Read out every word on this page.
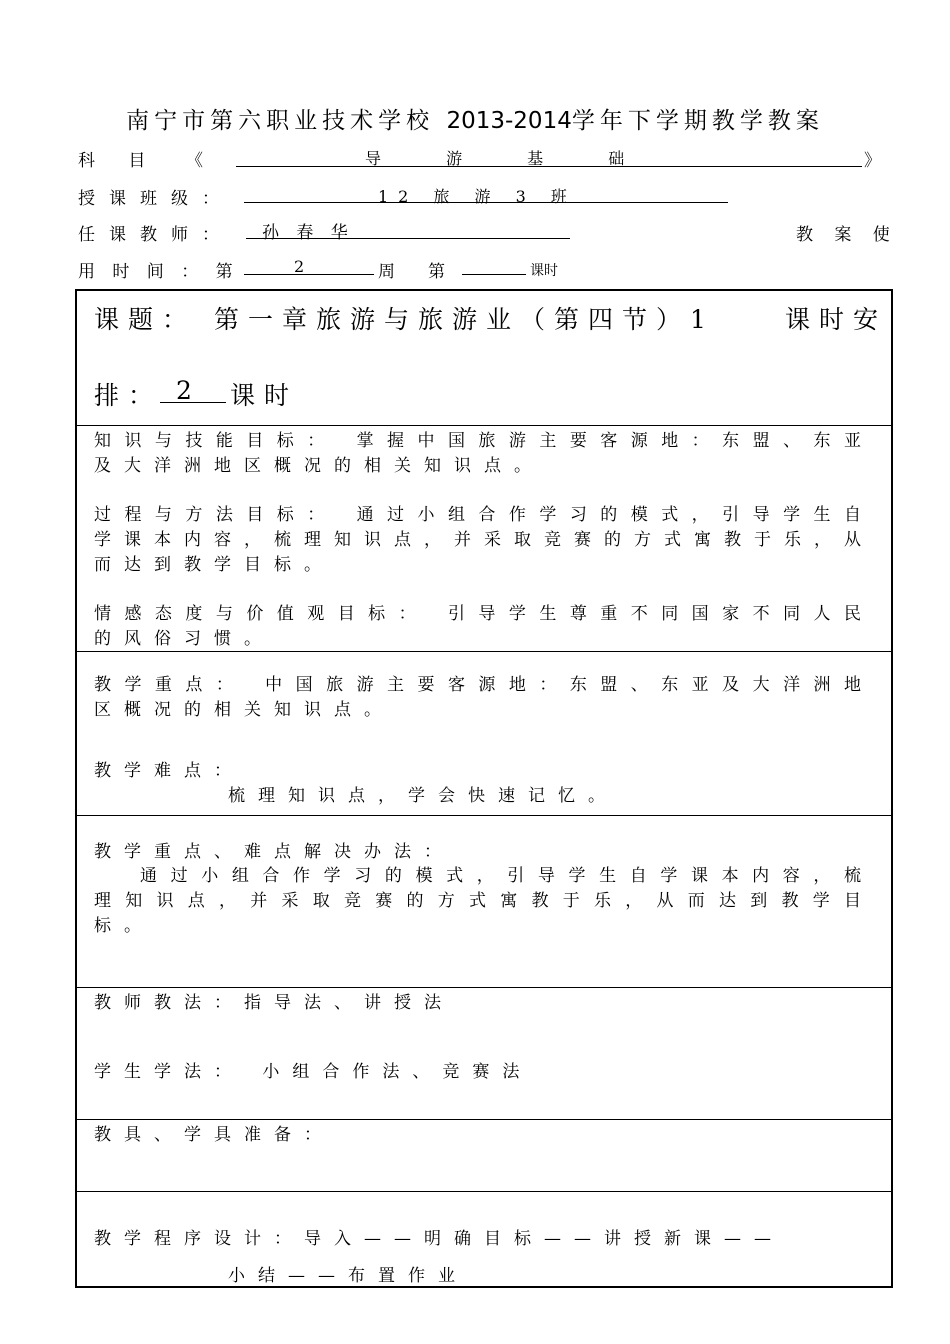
南宁市第六职业技术学校 2013-2014学年下学期教学教案
科 目 《	导 游 基 础	》
授课班级：	12 旅 游 3 班
任课教师： 孙 春 华	教 案 使
用 时 间 ： 第	2	周 第	课时
课题： 第一章旅游与旅游业（第四节）1	课时安
排： 2 课时
知识与技能目标： 掌握中国旅游主要客源地：东盟、东亚及大洋洲地区概况的相关知识点。
过程与方法目标： 通过小组合作学习的模式，引导学生自学课本内容，梳理知识点，并采取竞赛的方式寓教于乐，从而达到教学目标。
情感态度与价值观目标： 引导学生尊重不同国家不同人民的风俗习惯。
教学重点： 中国旅游主要客源地：东盟、东亚及大洋洲地区概况的相关知识点。
教学难点：
梳理知识点，学会快速记忆。
教学重点、难点解决办法：
通过小组合作学习的模式，引导学生自学课本内容，梳理知识点，并采取竞赛的方式寓教于乐，从而达到教学目标。
教师教法：指导法、讲授法
学生学法： 小组合作法、竞赛法
教具、学具准备：
教学程序设计：导入——明确目标——讲授新课——
小结——布置作业
